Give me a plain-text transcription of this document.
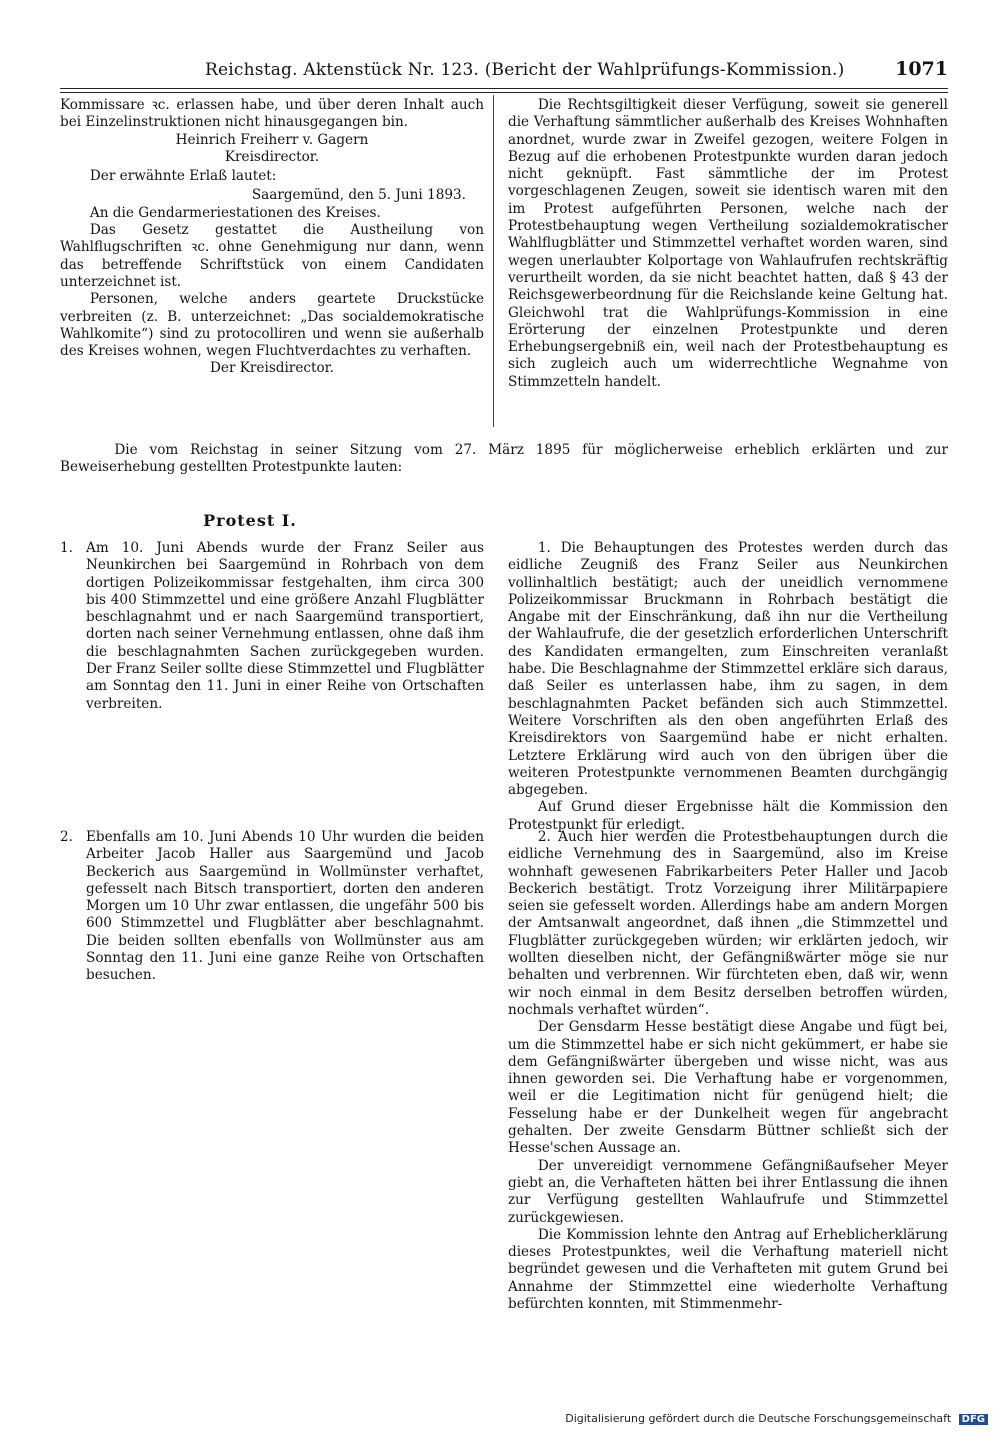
Reichstag. Aktenstück Nr. 123. (Bericht der Wahlprüfungs-Kommission.)	1071

Kommissare ꝛc. erlassen habe, und über deren Inhalt auch bei Einzelinstruktionen nicht hinausgegangen bin.

Heinrich Freiherr v. Gagern

Kreisdirector.

Der erwähnte Erlaß lautet:

Saargemünd, den 5. Juni 1893.

An die Gendarmeriestationen des Kreises.

Das Gesetz gestattet die Austheilung von Wahlflugschriften ꝛc. ohne Genehmigung nur dann, wenn das betreffende Schriftstück von einem Candidaten unterzeichnet ist.

Personen, welche anders geartete Druckstücke verbreiten (z. B. unterzeichnet: „Das socialdemokratische Wahlkomite“) sind zu protocolliren und wenn sie außerhalb des Kreises wohnen, wegen Fluchtverdachtes zu verhaften.

Der Kreisdirector.

Die Rechtsgiltigkeit dieser Verfügung, soweit sie generell die Verhaftung sämmtlicher außerhalb des Kreises Wohnhaften anordnet, wurde zwar in Zweifel gezogen, weitere Folgen in Bezug auf die erhobenen Protestpunkte wurden daran jedoch nicht geknüpft. Fast sämmtliche der im Protest vorgeschlagenen Zeugen, soweit sie identisch waren mit den im Protest aufgeführten Personen, welche nach der Protestbehauptung wegen Vertheilung sozialdemokratischer Wahlflugblätter und Stimmzettel verhaftet worden waren, sind wegen unerlaubter Kolportage von Wahlaufrufen rechtskräftig verurtheilt worden, da sie nicht beachtet hatten, daß § 43 der Reichsgewerbeordnung für die Reichslande keine Geltung hat. Gleichwohl trat die Wahlprüfungs-Kommission in eine Erörterung der einzelnen Protestpunkte und deren Erhebungsergebniß ein, weil nach der Protestbehauptung es sich zugleich auch um widerrechtliche Wegnahme von Stimmzetteln handelt.

Die vom Reichstag in seiner Sitzung vom 27. März 1895 für möglicherweise erheblich erklärten und zur Beweiserhebung gestellten Protestpunkte lauten:
Protest I.
1. Am 10. Juni Abends wurde der Franz Seiler aus Neunkirchen bei Saargemünd in Rohrbach von dem dortigen Polizeikommissar festgehalten, ihm circa 300 bis 400 Stimmzettel und eine größere Anzahl Flugblätter beschlagnahmt und er nach Saargemünd transportiert, dorten nach seiner Vernehmung entlassen, ohne daß ihm die beschlagnahmten Sachen zurückgegeben wurden. Der Franz Seiler sollte diese Stimmzettel und Flugblätter am Sonntag den 11. Juni in einer Reihe von Ortschaften verbreiten.
2. Ebenfalls am 10. Juni Abends 10 Uhr wurden die beiden Arbeiter Jacob Haller aus Saargemünd und Jacob Beckerich aus Saargemünd in Wollmünster verhaftet, gefesselt nach Bitsch transportiert, dorten den anderen Morgen um 10 Uhr zwar entlassen, die ungefähr 500 bis 600 Stimmzettel und Flugblätter aber beschlagnahmt. Die beiden sollten ebenfalls von Wollmünster aus am Sonntag den 11. Juni eine ganze Reihe von Ortschaften besuchen.

1. Die Behauptungen des Protestes werden durch das eidliche Zeugniß des Franz Seiler aus Neunkirchen vollinhaltlich bestätigt; auch der uneidlich vernommene Polizeikommissar Bruckmann in Rohrbach bestätigt die Angabe mit der Einschränkung, daß ihn nur die Vertheilung der Wahlaufrufe, die der gesetzlich erforderlichen Unterschrift des Kandidaten ermangelten, zum Einschreiten veranlaßt habe. Die Beschlagnahme der Stimmzettel erkläre sich daraus, daß Seiler es unterlassen habe, ihm zu sagen, in dem beschlagnahmten Packet befänden sich auch Stimmzettel. Weitere Vorschriften als den oben angeführten Erlaß des Kreisdirektors von Saargemünd habe er nicht erhalten. Letztere Erklärung wird auch von den übrigen über die weiteren Protestpunkte vernommenen Beamten durchgängig abgegeben.

Auf Grund dieser Ergebnisse hält die Kommission den Protestpunkt für erledigt.

2. Auch hier werden die Protestbehauptungen durch die eidliche Vernehmung des in Saargemünd, also im Kreise wohnhaft gewesenen Fabrikarbeiters Peter Haller und Jacob Beckerich bestätigt. Trotz Vorzeigung ihrer Militärpapiere seien sie gefesselt worden. Allerdings habe am andern Morgen der Amtsanwalt angeordnet, daß ihnen „die Stimmzettel und Flugblätter zurückgegeben würden; wir erklärten jedoch, wir wollten dieselben nicht, der Gefängnißwärter möge sie nur behalten und verbrennen. Wir fürchteten eben, daß wir, wenn wir noch einmal in dem Besitz derselben betroffen würden, nochmals verhaftet würden“.

Der Gensdarm Hesse bestätigt diese Angabe und fügt bei, um die Stimmzettel habe er sich nicht gekümmert, er habe sie dem Gefängnißwärter übergeben und wisse nicht, was aus ihnen geworden sei. Die Verhaftung habe er vorgenommen, weil er die Legitimation nicht für genügend hielt; die Fesselung habe er der Dunkelheit wegen für angebracht gehalten. Der zweite Gensdarm Büttner schließt sich der Hesse'schen Aussage an.

Der unvereidigt vernommene Gefängnißaufseher Meyer giebt an, die Verhafteten hätten bei ihrer Entlassung die ihnen zur Verfügung gestellten Wahlaufrufe und Stimmzettel zurückgewiesen.

Die Kommission lehnte den Antrag auf Erheblicherklärung dieses Protestpunktes, weil die Verhaftung materiell nicht begründet gewesen und die Verhafteten mit gutem Grund bei Annahme der Stimmzettel eine wiederholte Verhaftung befürchten konnten, mit Stimmenmehr-

Digitalisierung gefördert durch die Deutsche Forschungsgemeinschaft DFG
